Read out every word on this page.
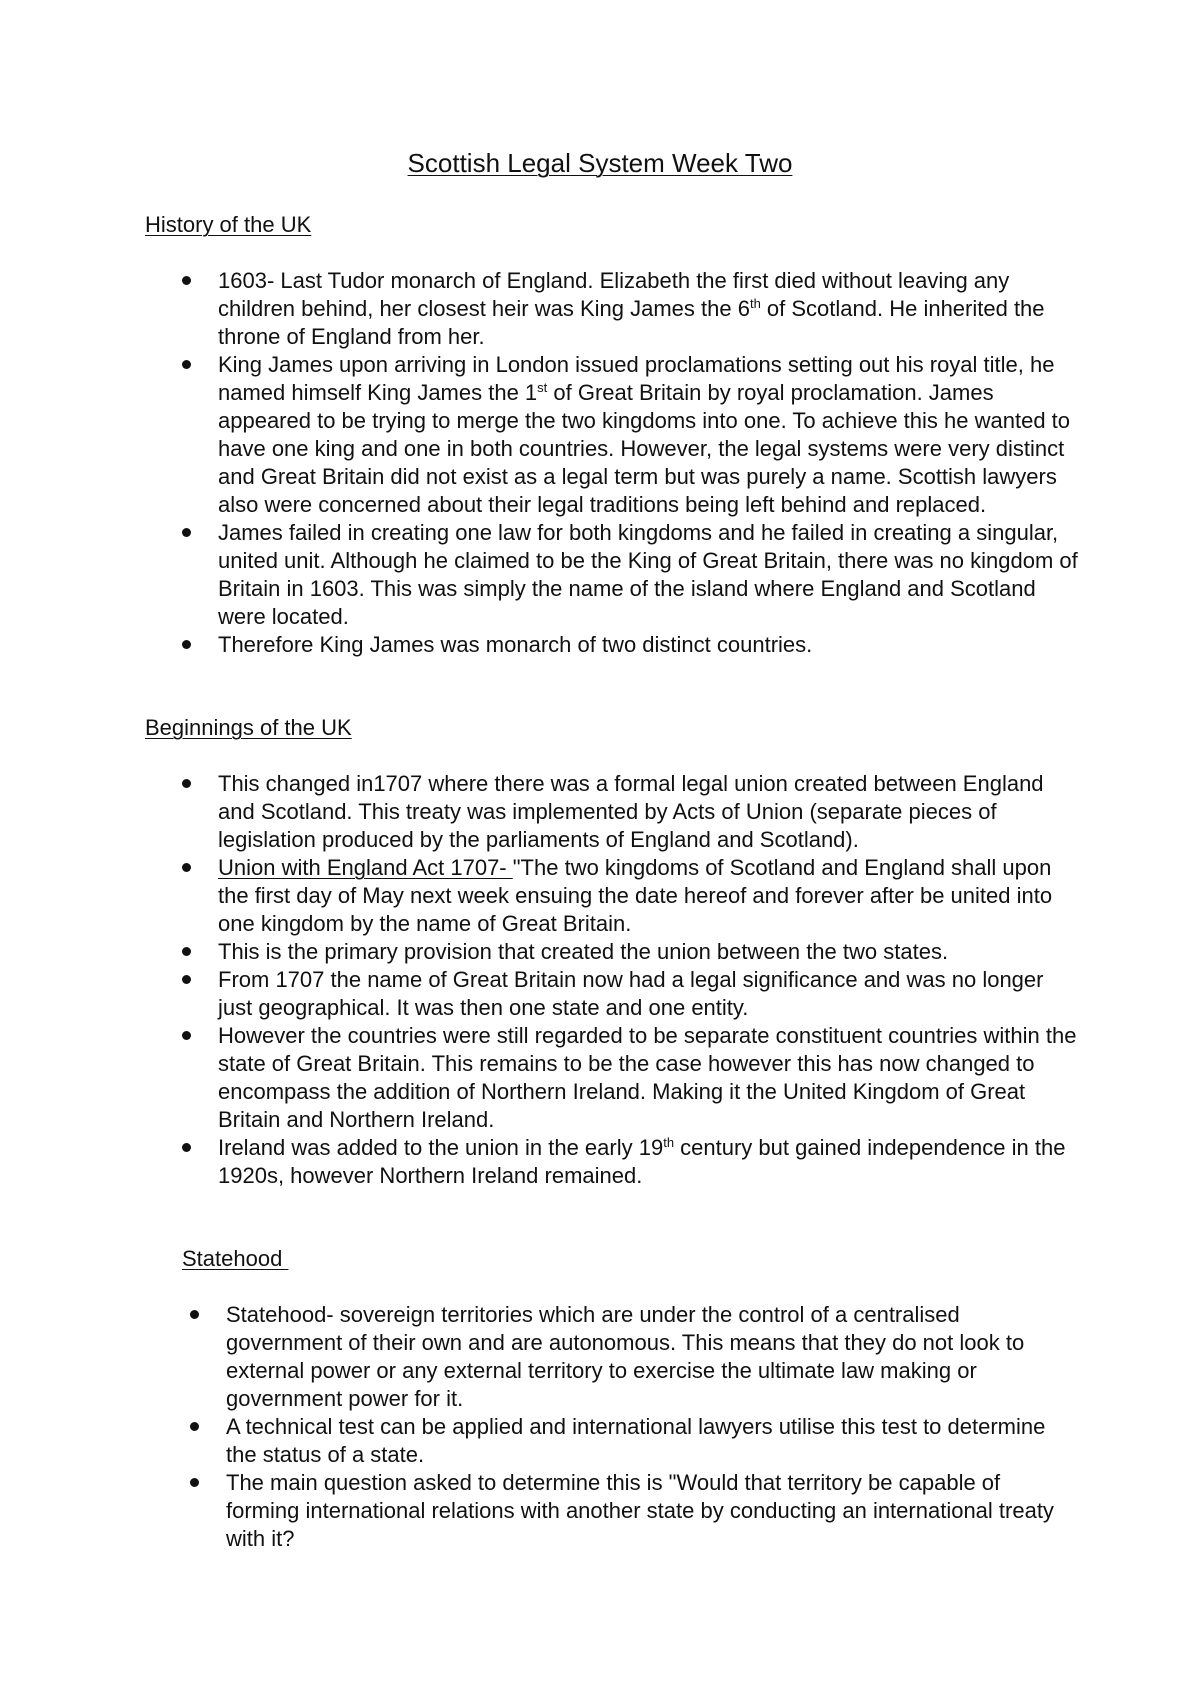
Scottish Legal System Week Two
History of the UK
1603- Last Tudor monarch of England. Elizabeth the first died without leaving any children behind, her closest heir was King James the 6th of Scotland. He inherited the throne of England from her.
King James upon arriving in London issued proclamations setting out his royal title, he named himself King James the 1st of Great Britain by royal proclamation. James appeared to be trying to merge the two kingdoms into one. To achieve this he wanted to have one king and one in both countries. However, the legal systems were very distinct and Great Britain did not exist as a legal term but was purely a name. Scottish lawyers also were concerned about their legal traditions being left behind and replaced.
James failed in creating one law for both kingdoms and he failed in creating a singular, united unit. Although he claimed to be the King of Great Britain, there was no kingdom of Britain in 1603. This was simply the name of the island where England and Scotland were located.
Therefore King James was monarch of two distinct countries.
Beginnings of the UK
This changed in1707 where there was a formal legal union created between England and Scotland. This treaty was implemented by Acts of Union (separate pieces of legislation produced by the parliaments of England and Scotland).
Union with England Act 1707- "The two kingdoms of Scotland and England shall upon the first day of May next week ensuing the date hereof and forever after be united into one kingdom by the name of Great Britain.
This is the primary provision that created the union between the two states.
From 1707 the name of Great Britain now had a legal significance and was no longer just geographical. It was then one state and one entity.
However the countries were still regarded to be separate constituent countries within the state of Great Britain. This remains to be the case however this has now changed to encompass the addition of Northern Ireland. Making it the United Kingdom of Great Britain and Northern Ireland.
Ireland was added to the union in the early 19th century but gained independence in the 1920s, however Northern Ireland remained.
Statehood
Statehood- sovereign territories which are under the control of a centralised government of their own and are autonomous. This means that they do not look to external power or any external territory to exercise the ultimate law making or government power for it.
A technical test can be applied and international lawyers utilise this test to determine the status of a state.
The main question asked to determine this is "Would that territory be capable of forming international relations with another state by conducting an international treaty with it?
